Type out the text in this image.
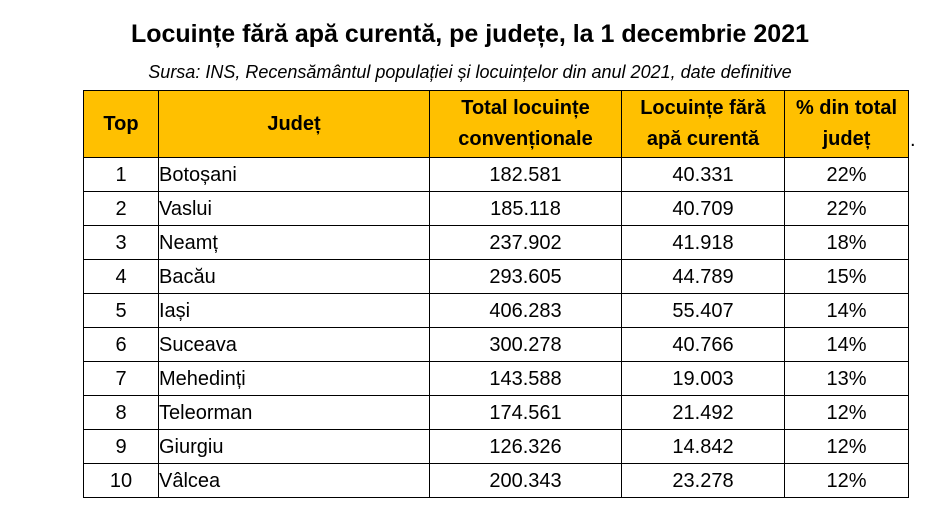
Locuințe fără apă curentă, pe județe, la 1 decembrie 2021
Sursa: INS, Recensământul populației și locuințelor din anul 2021, date definitive
Top	Județ	Total locuințe convenționale	Locuințe fără apă curentă	% din total județ
1	Botoșani	182.581	40.331	22%
2	Vaslui	185.118	40.709	22%
3	Neamț	237.902	41.918	18%
4	Bacău	293.605	44.789	15%
5	Iași	406.283	55.407	14%
6	Suceava	300.278	40.766	14%
7	Mehedinți	143.588	19.003	13%
8	Teleorman	174.561	21.492	12%
9	Giurgiu	126.326	14.842	12%
10	Vâlcea	200.343	23.278	12%
.
